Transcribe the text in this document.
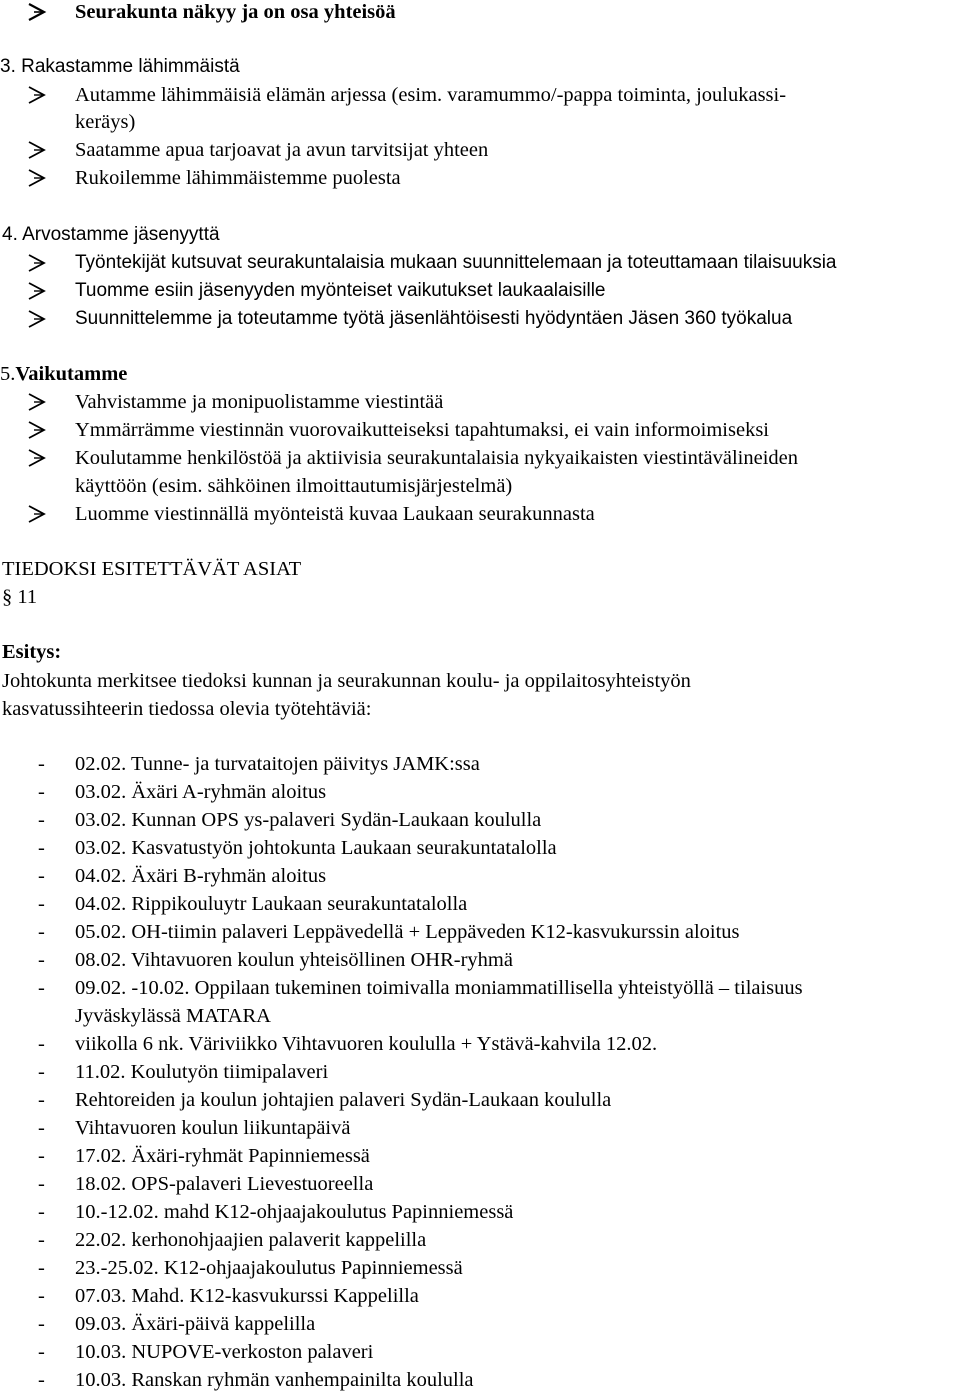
Seurakunta näkyy ja on osa yhteisöä
3. Rakastamme lähimmäistä
Autamme lähimmäisiä elämän arjessa (esim. varamummo/-pappa toiminta, joulukassi-
keräys)
Saatamme apua tarjoavat ja avun tarvitsijat yhteen
Rukoilemme lähimmäistemme puolesta
4. Arvostamme jäsenyyttä
Työntekijät kutsuvat seurakuntalaisia mukaan suunnittelemaan ja toteuttamaan tilaisuuksia
Tuomme esiin jäsenyyden myönteiset vaikutukset laukaalaisille
Suunnittelemme ja toteutamme työtä jäsenlähtöisesti hyödyntäen Jäsen 360 työkalua
5.Vaikutamme
Vahvistamme ja monipuolistamme viestintää
Ymmärrämme viestinnän vuorovaikutteiseksi tapahtumaksi, ei vain informoimiseksi
Koulutamme henkilöstöä ja aktiivisia seurakuntalaisia nykyaikaisten viestintävälineiden
käyttöön (esim. sähköinen ilmoittautumisjärjestelmä)
Luomme viestinnällä myönteistä kuvaa Laukaan seurakunnasta
TIEDOKSI ESITETTÄVÄT ASIAT
§ 11
Esitys:
Johtokunta merkitsee tiedoksi kunnan ja seurakunnan koulu- ja oppilaitosyhteistyön
kasvatussihteerin tiedossa olevia työtehtäviä:
- 02.02. Tunne- ja turvataitojen päivitys JAMK:ssa
- 03.02. Äxäri A-ryhmän aloitus
- 03.02. Kunnan OPS ys-palaveri Sydän-Laukaan koululla
- 03.02. Kasvatustyön johtokunta Laukaan seurakuntatalolla
- 04.02. Äxäri B-ryhmän aloitus
- 04.02. Rippikouluytr Laukaan seurakuntatalolla
- 05.02. OH-tiimin palaveri Leppävedellä + Leppäveden K12-kasvukurssin aloitus
- 08.02. Vihtavuoren koulun yhteisöllinen OHR-ryhmä
- 09.02. -10.02. Oppilaan tukeminen toimivalla moniammatillisella yhteistyöllä – tilaisuus
Jyväskylässä MATARA
- viikolla 6 nk. Väriviikko Vihtavuoren koululla + Ystävä-kahvila 12.02.
- 11.02. Koulutyön tiimipalaveri
- Rehtoreiden ja koulun johtajien palaveri Sydän-Laukaan koululla
- Vihtavuoren koulun liikuntapäivä
- 17.02. Äxäri-ryhmät Papinniemessä
- 18.02. OPS-palaveri Lievestuoreella
- 10.-12.02. mahd K12-ohjaajakoulutus Papinniemessä
- 22.02. kerhonohjaajien palaverit kappelilla
- 23.-25.02. K12-ohjaajakoulutus Papinniemessä
- 07.03. Mahd. K12-kasvukurssi Kappelilla
- 09.03. Äxäri-päivä kappelilla
- 10.03. NUPOVE-verkoston palaveri
- 10.03. Ranskan ryhmän vanhempainilta koululla
